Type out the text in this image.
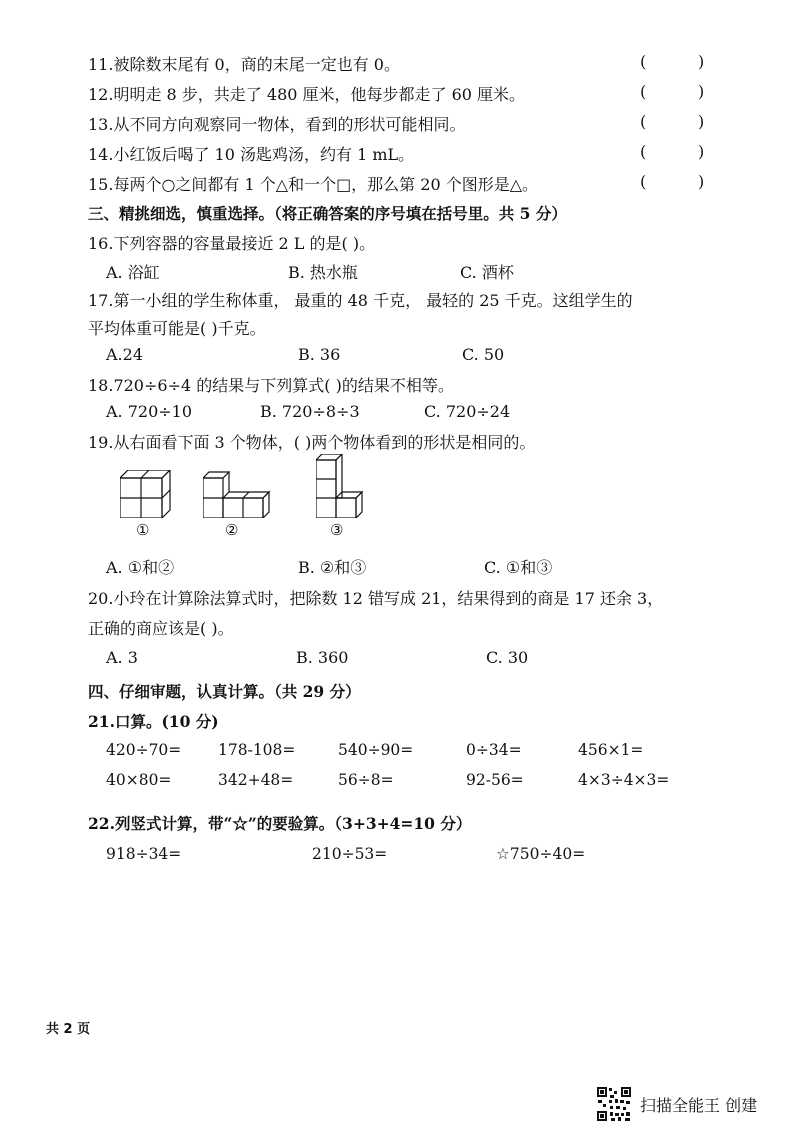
11.被除数末尾有 0，商的末尾一定也有 0。	(	)
12.明明走 8 步，共走了 480 厘米，他每步都走了 60 厘米。	(	)
13.从不同方向观察同一物体，看到的形状可能相同。	(	)
14.小红饭后喝了 10 汤匙鸡汤，约有 1 mL。	(	)
15.每两个○之间都有 1 个△和一个□，那么第 20 个图形是△。	(	)
三、精挑细选，慎重选择。（将正确答案的序号填在括号里。共 5 分）
16.下列容器的容量最接近 2 L 的是( )。
A. 浴缸	B. 热水瓶	C. 酒杯
17.第一小组的学生称体重， 最重的 48 千克， 最轻的 25 千克。这组学生的
平均体重可能是( )千克。
A.24	B. 36	C. 50
18.720÷6÷4 的结果与下列算式( )的结果不相等。
A. 720÷10	B. 720÷8÷3	C. 720÷24
19.从右面看下面 3 个物体，( )两个物体看到的形状是相同的。
①	②	③
A. ①和②	B. ②和③	C. ①和③
20.小玲在计算除法算式时，把除数 12 错写成 21，结果得到的商是 17 还余 3，
正确的商应该是( )。
A. 3	B. 360	C. 30
四、仔细审题，认真计算。（共 29 分）
21.口算。(10 分)
420÷70= 178-108=	540÷90=	0÷34=	456×1=
40×80=	342+48=	56÷8=	92-56=	4×3÷4×3=
22.列竖式计算，带“☆”的要验算。（3+3+4=10 分）
918÷34=	210÷53=	☆750÷40=
共 2 页
扫描全能王 创建
